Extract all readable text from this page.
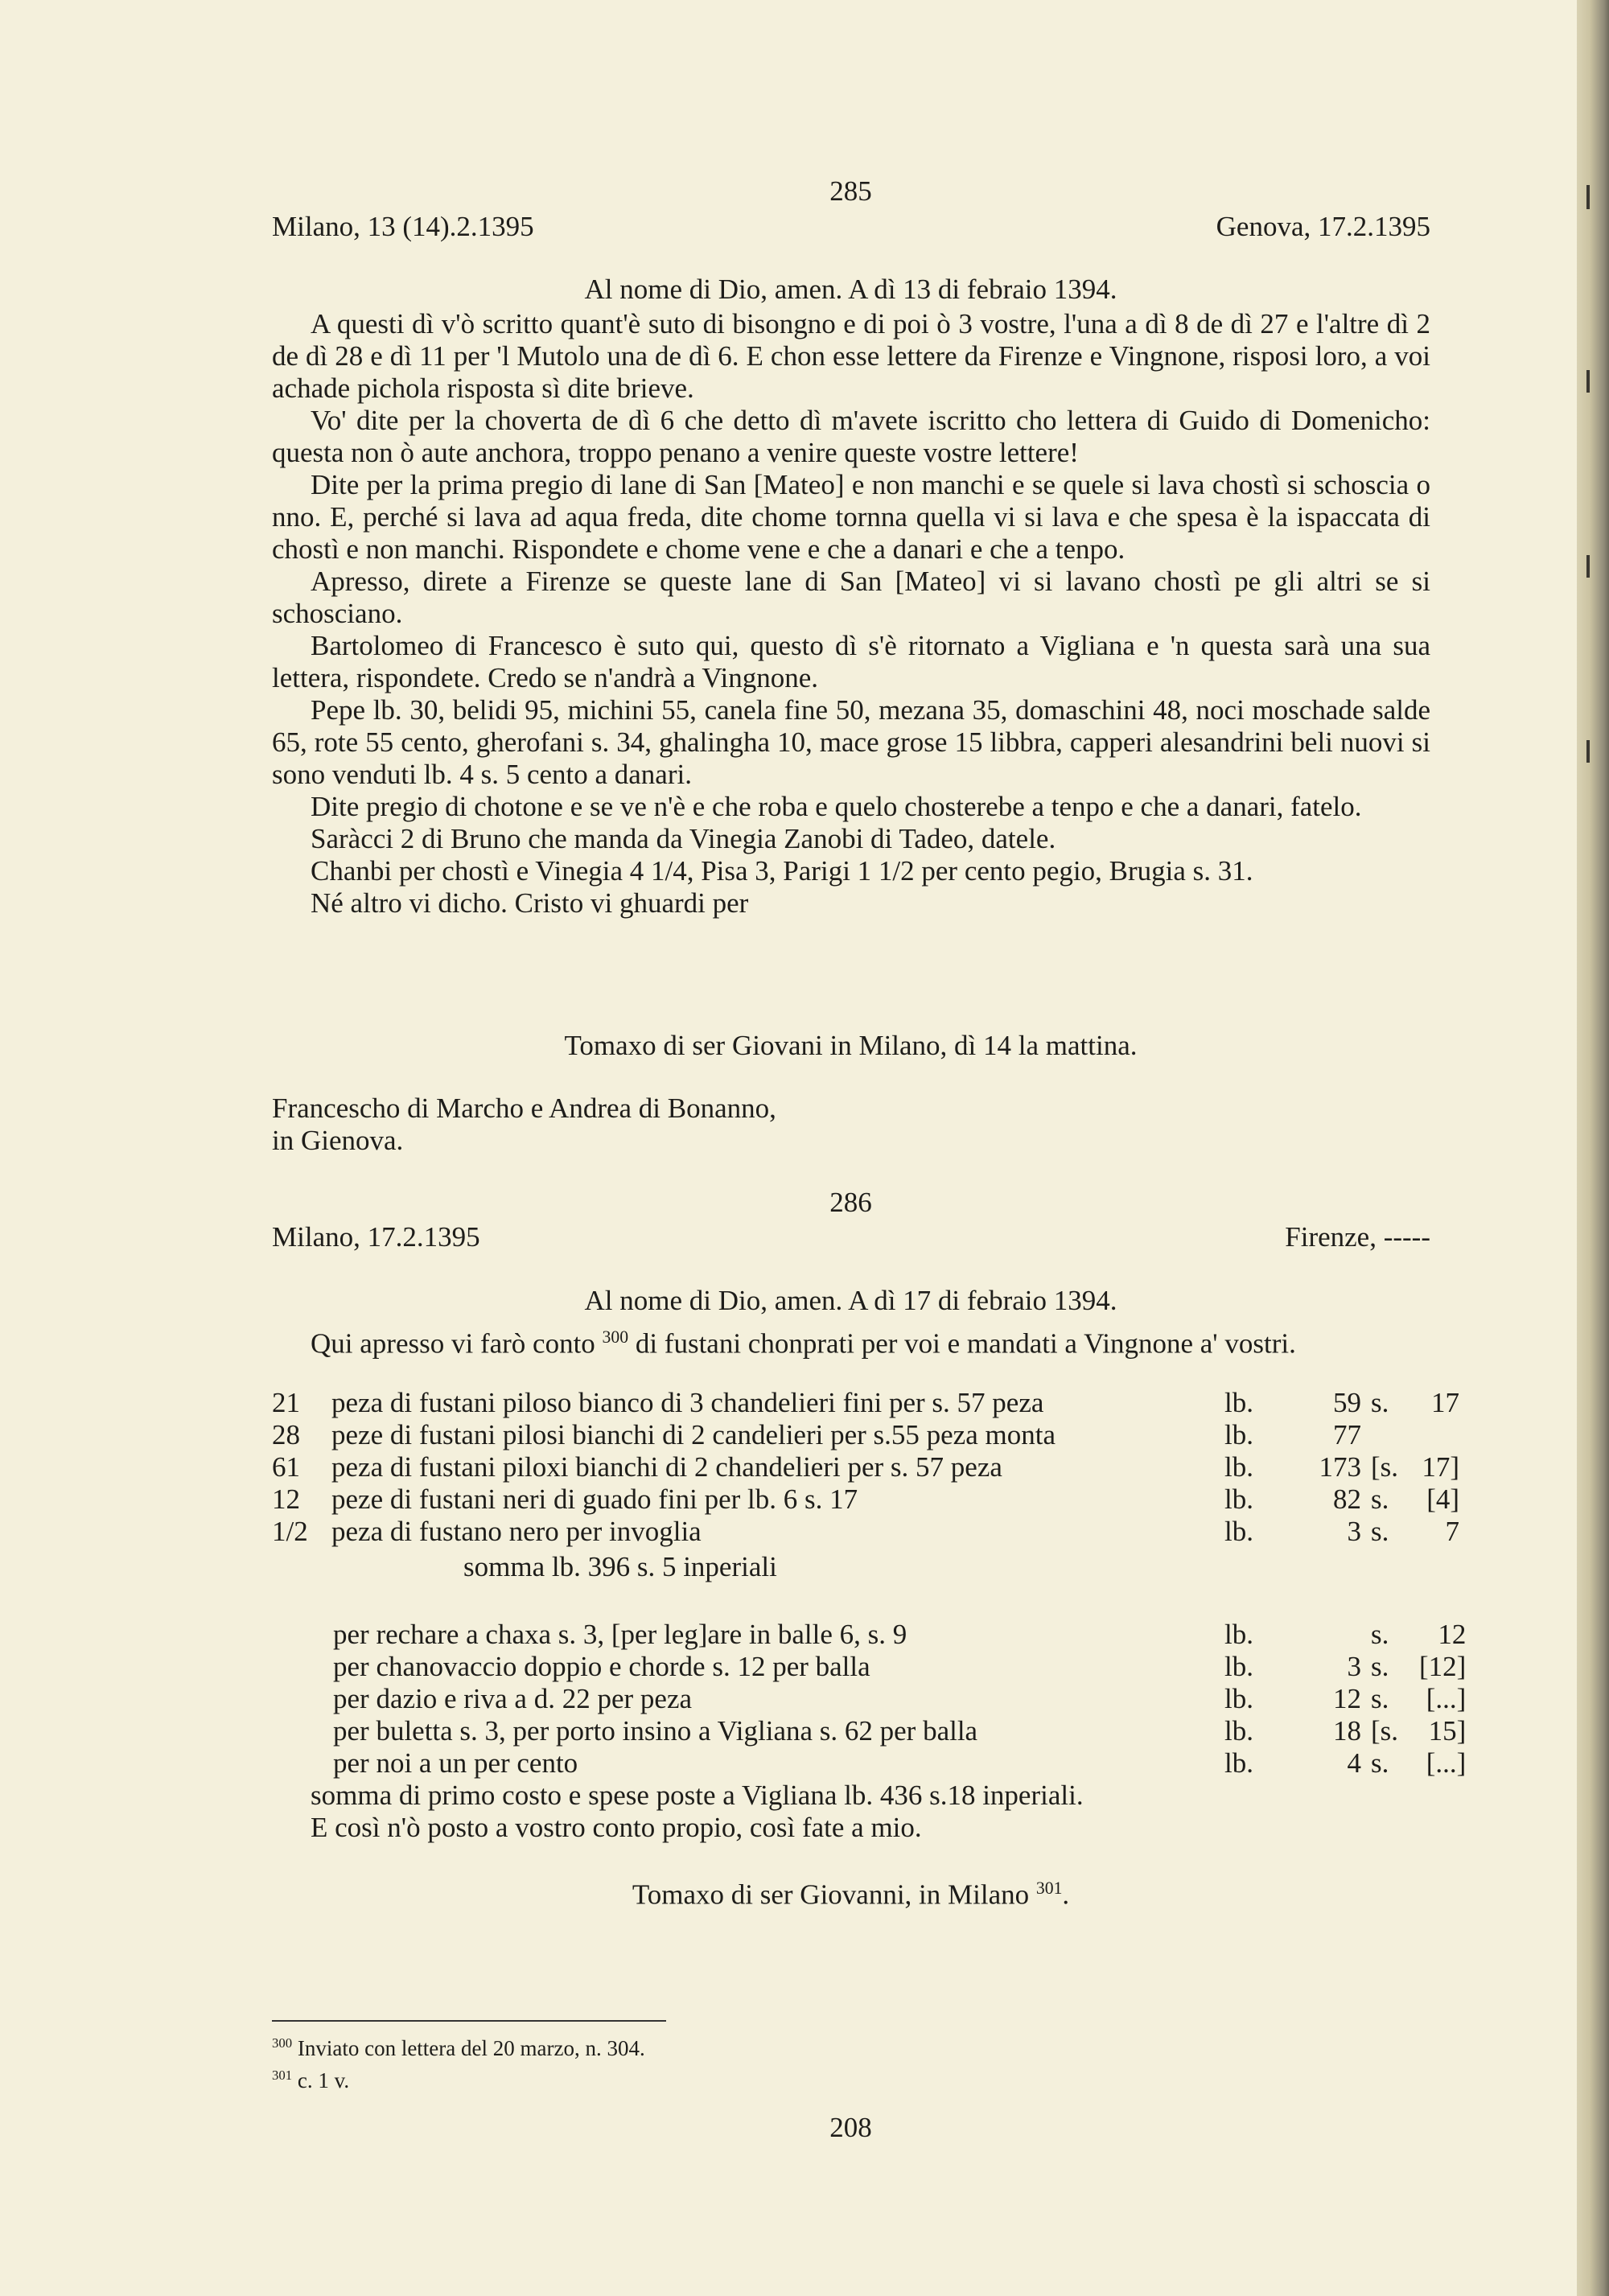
285
Milano, 13 (14).2.1395	Genova, 17.2.1395
Al nome di Dio, amen. A dì 13 di febraio 1394.

A questi dì v'ò scritto quant'è suto di bisongno e di poi ò 3 vostre, l'una a dì 8 de dì 27 e l'altre dì 2 de dì 28 e dì 11 per 'l Mutolo una de dì 6. E chon esse lettere da Firenze e Vingnone, risposi loro, a voi achade pichola risposta sì dite brieve.

Vo' dite per la choverta de dì 6 che detto dì m'avete iscritto cho lettera di Guido di Domenicho: questa non ò aute anchora, troppo penano a venire queste vostre lettere!

Dite per la prima pregio di lane di San [Mateo] e non manchi e se quele si lava chostì si schoscia o nno. E, perché si lava ad aqua freda, dite chome tornna quella vi si lava e che spesa è la ispaccata di chostì e non manchi. Rispondete e chome vene e che a danari e che a tenpo.

Apresso, direte a Firenze se queste lane di San [Mateo] vi si lavano chostì pe gli altri se si schosciano.

Bartolomeo di Francesco è suto qui, questo dì s'è ritornato a Vigliana e 'n questa sarà una sua lettera, rispondete. Credo se n'andrà a Vingnone.

Pepe lb. 30, belidi 95, michini 55, canela fine 50, mezana 35, domaschini 48, noci moschade salde 65, rote 55 cento, gherofani s. 34, ghalingha 10, mace grose 15 libbra, capperi alesandrini beli nuovi si sono venduti lb. 4 s. 5 cento a danari.

Dite pregio di chotone e se ve n'è e che roba e quelo chosterebe a tenpo e che a danari, fatelo.

Saràcci 2 di Bruno che manda da Vinegia Zanobi di Tadeo, datele.

Chanbi per chostì e Vinegia 4 1/4, Pisa 3, Parigi 1 1/2 per cento pegio, Brugia s. 31.

Né altro vi dicho. Cristo vi ghuardi per

Tomaxo di ser Giovani in Milano, dì 14 la mattina.
Francescho di Marcho e Andrea di Bonanno,
in Gienova.
286
Milano, 17.2.1395	Firenze, -----
Al nome di Dio, amen. A dì 17 di febraio 1394.

Qui apresso vi farò conto $^{300}$ di fustani chonprati per voi e mandati a Vingnone a' vostri.

21	peza di fustani piloso bianco di 3 chandelieri fini per s. 57 peza	lb.	59	s.	17
28	peze di fustani pilosi bianchi di 2 candelieri per s.55 peza monta	lb.	77		
61	peza di fustani piloxi bianchi di 2 chandelieri per s. 57 peza	lb.	173	[s.	17]
12	peze di fustani neri di guado fini per lb. 6 s. 17	lb.	82	s.	[4]
1/2	peza di fustano nero per invoglia	lb.	3	s.	7
somma lb. 396 s. 5 inperiali
per rechare a chaxa s. 3, [per leg]are in balle 6, s. 9	lb.		s.	12
per chanovaccio doppio e chorde s. 12 per balla	lb.	3	s.	[12]
per dazio e riva a d. 22 per peza	lb.	12	s.	[...]
per buletta s. 3, per porto insino a Vigliana s. 62 per balla	lb.	18	[s.	15]
per noi a un per cento	lb.	4	s.	[...]
somma di primo costo e spese poste a Vigliana lb. 436 s.18 inperiali.
E così n'ò posto a vostro conto propio, così fate a mio.
Tomaxo di ser Giovanni, in Milano $^{301}$.
$^{300}$ Inviato con lettera del 20 marzo, n. 304.
$^{301}$ c. 1 v.
208
